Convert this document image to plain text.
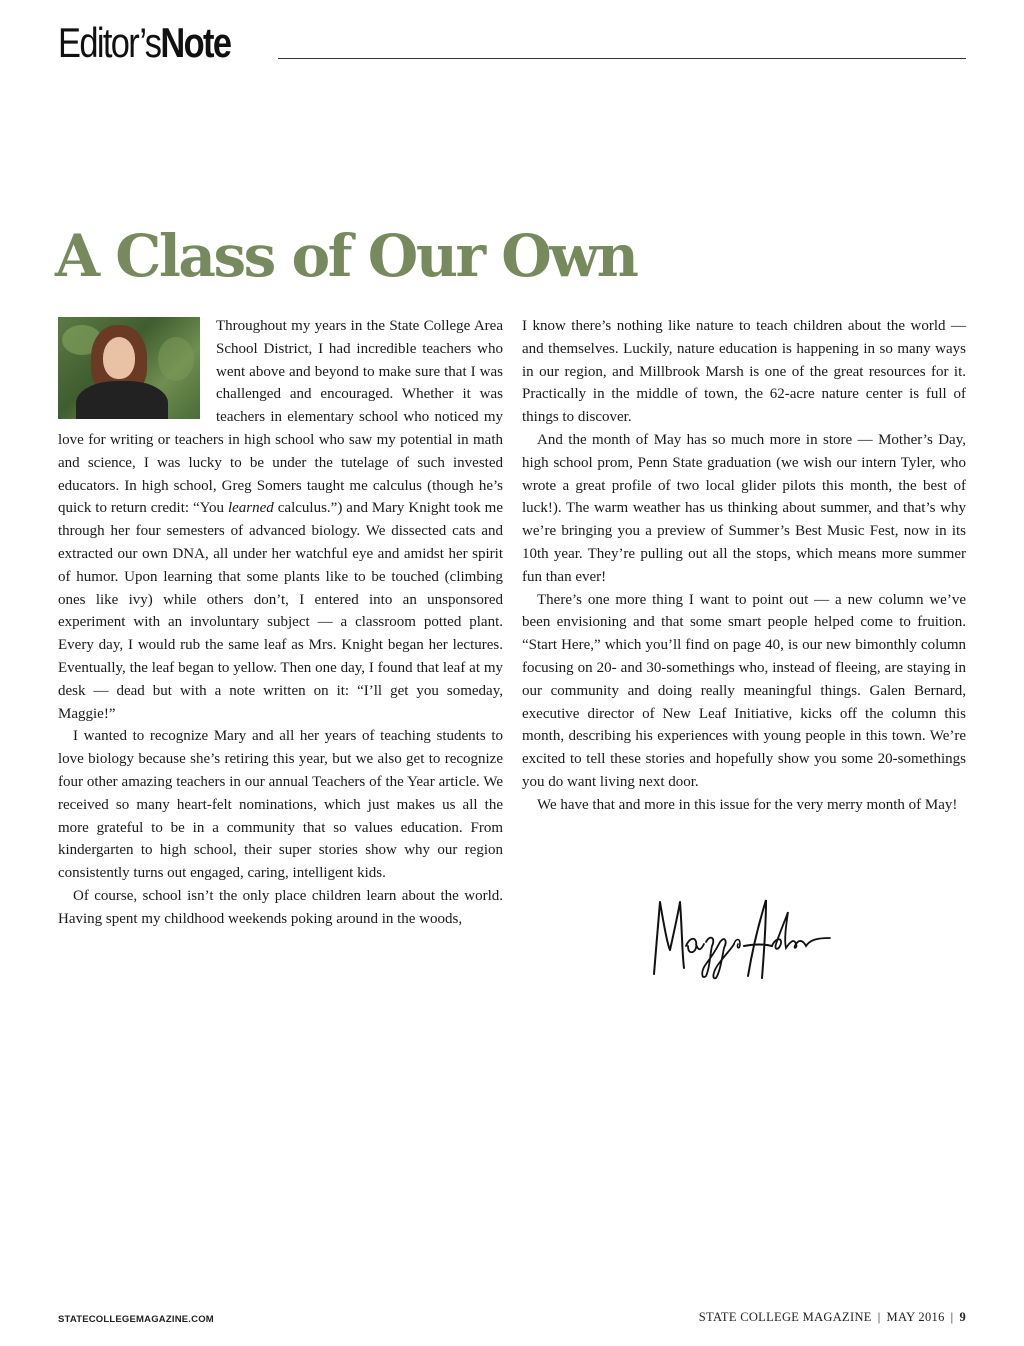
Editor’sNote
A Class of Our Own

Throughout my years in the State College Area School District, I had incredible teachers who went above and beyond to make sure that I was challenged and encouraged. Whether it was teachers in elementary school who noticed my love for writing or teachers in high school who saw my potential in math and science, I was lucky to be under the tutelage of such invested educators. In high school, Greg Somers taught me calculus (though he’s quick to return credit: “You learned calculus.”) and Mary Knight took me through her four semesters of advanced biology. We dissected cats and extracted our own DNA, all under her watchful eye and amidst her spirit of humor. Upon learning that some plants like to be touched (climbing ones like ivy) while others don’t, I entered into an unsponsored experiment with an involuntary subject — a classroom potted plant. Every day, I would rub the same leaf as Mrs. Knight began her lectures. Eventually, the leaf began to yellow. Then one day, I found that leaf at my desk — dead but with a note written on it: “I’ll get you someday, Maggie!”

I wanted to recognize Mary and all her years of teaching students to love biology because she’s retiring this year, but we also get to recognize four other amazing teachers in our annual Teachers of the Year article. We received so many heart-felt nominations, which just makes us all the more grateful to be in a community that so values education. From kindergarten to high school, their super stories show why our region consistently turns out engaged, caring, intelligent kids.

Of course, school isn’t the only place children learn about the world. Having spent my childhood weekends poking around in the woods,

I know there’s nothing like nature to teach children about the world — and themselves. Luckily, nature education is happening in so many ways in our region, and Millbrook Marsh is one of the great resources for it. Practically in the middle of town, the 62-acre nature center is full of things to discover.

And the month of May has so much more in store — Mother’s Day, high school prom, Penn State graduation (we wish our intern Tyler, who wrote a great profile of two local glider pilots this month, the best of luck!). The warm weather has us thinking about summer, and that’s why we’re bringing you a preview of Summer’s Best Music Fest, now in its 10th year. They’re pulling out all the stops, which means more summer fun than ever!

There’s one more thing I want to point out — a new column we’ve been envisioning and that some smart people helped come to fruition. “Start Here,” which you’ll find on page 40, is our new bimonthly column focusing on 20- and 30-somethings who, instead of fleeing, are staying in our community and doing really meaningful things. Galen Bernard, executive director of New Leaf Initiative, kicks off the column this month, describing his experiences with young people in this town. We’re excited to tell these stories and hopefully show you some 20-somethings you do want living next door.

We have that and more in this issue for the very merry month of May!

STATECOLLEGEMAGAZINE.COM	STATE COLLEGE MAGAZINE | MAY 2016 | 9
